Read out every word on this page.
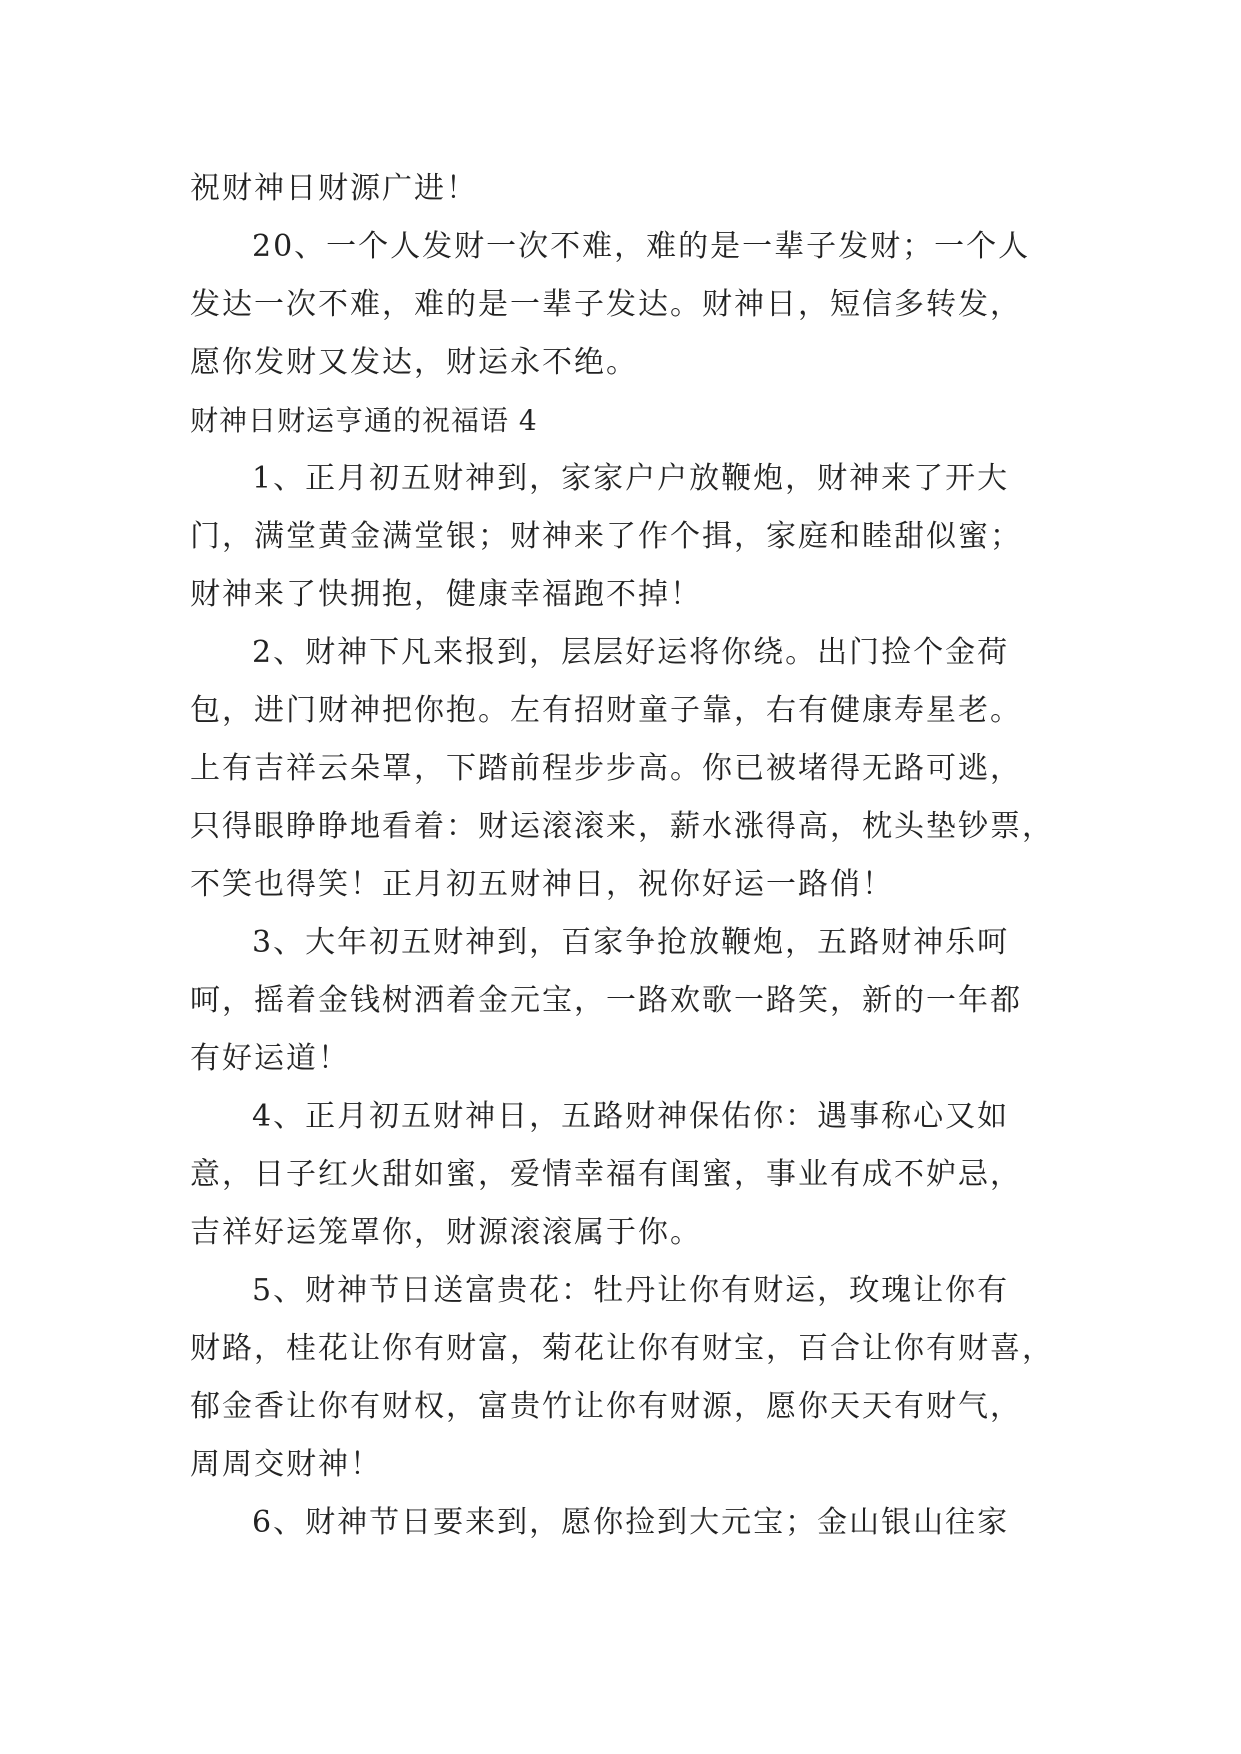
祝财神日财源广进！
20、一个人发财一次不难，难的是一辈子发财；一个人
发达一次不难，难的是一辈子发达。财神日，短信多转发，
愿你发财又发达，财运永不绝。
财神日财运亨通的祝福语 4
1、正月初五财神到，家家户户放鞭炮，财神来了开大
门，满堂黄金满堂银；财神来了作个揖，家庭和睦甜似蜜；
财神来了快拥抱，健康幸福跑不掉！
2、财神下凡来报到，层层好运将你绕。出门捡个金荷
包，进门财神把你抱。左有招财童子靠，右有健康寿星老。
上有吉祥云朵罩，下踏前程步步高。你已被堵得无路可逃，
只得眼睁睁地看着：财运滚滚来，薪水涨得高，枕头垫钞票，
不笑也得笑！正月初五财神日，祝你好运一路俏！
3、大年初五财神到，百家争抢放鞭炮，五路财神乐呵
呵，摇着金钱树洒着金元宝，一路欢歌一路笑，新的一年都
有好运道！
4、正月初五财神日，五路财神保佑你：遇事称心又如
意，日子红火甜如蜜，爱情幸福有闺蜜，事业有成不妒忌，
吉祥好运笼罩你，财源滚滚属于你。
5、财神节日送富贵花：牡丹让你有财运，玫瑰让你有
财路，桂花让你有财富，菊花让你有财宝，百合让你有财喜，
郁金香让你有财权，富贵竹让你有财源，愿你天天有财气，
周周交财神！
6、财神节日要来到，愿你捡到大元宝；金山银山往家
